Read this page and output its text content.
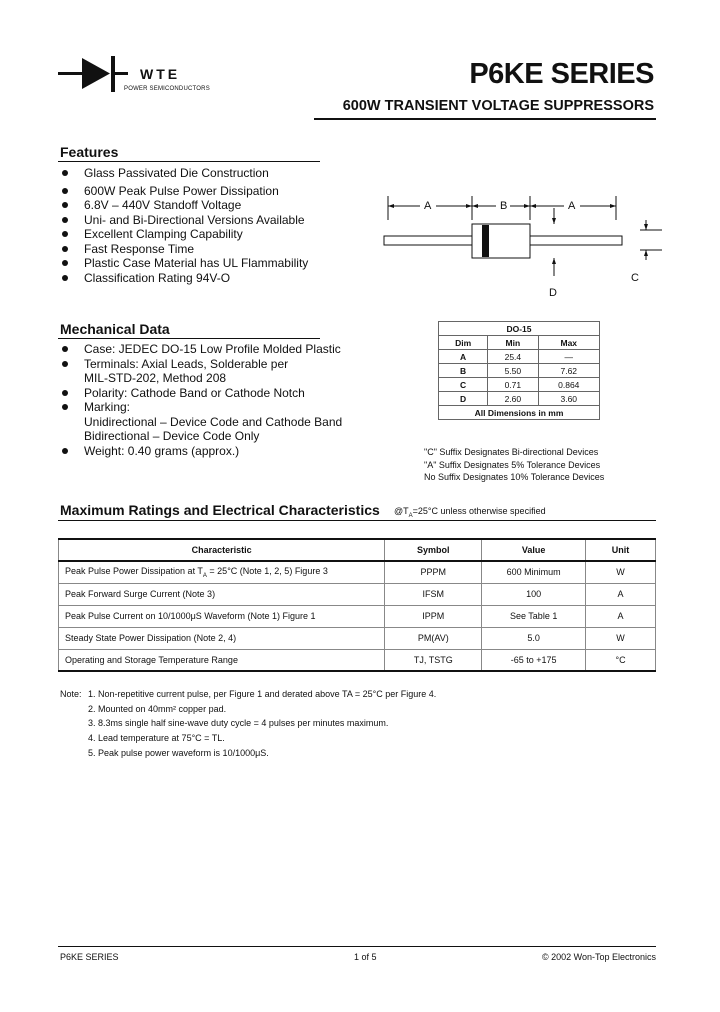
WTE
POWER SEMICONDUCTORS	P6KE SERIES
600W TRANSIENT VOLTAGE SUPPRESSORS
Features
Glass Passivated Die Construction
600W Peak Pulse Power Dissipation
6.8V – 440V Standoff Voltage
Uni- and Bi-Directional Versions Available
Excellent Clamping Capability
Fast Response Time
Plastic Case Material has UL Flammability
Classification Rating 94V-O
A	B	A
C
D
Mechanical Data
Case: JEDEC DO-15 Low Profile Molded Plastic
Terminals: Axial Leads, Solderable per
MIL-STD-202, Method 208
Polarity: Cathode Band or Cathode Notch
Marking:
Unidirectional – Device Code and Cathode Band
Bidirectional – Device Code Only
Weight: 0.40 grams (approx.)
DO-15		
Dim	Min	Max
A	25.4	—
B	5.50	7.62
C	0.71	0.864
D	2.60	3.60
All Dimensions in mm		
"C" Suffix Designates Bi-directional Devices
"A" Suffix Designates 5% Tolerance Devices
No Suffix Designates 10% Tolerance Devices
Maximum Ratings and Electrical Characteristics $@T_A=25^\circ C$ unless otherwise specified
Characteristic	Symbol	Value	Unit
Peak Pulse Power Dissipation at $T_A = 25^\circ C$ (Note 1, 2, 5) Figure 3	PPPM	600 Minimum	W
Peak Forward Surge Current (Note 3)	IFSM	100	A
Peak Pulse Current on 10/1000μS Waveform (Note 1) Figure 1	IPPM	See Table 1	A
Steady State Power Dissipation (Note 2, 4)	PM(AV)	5.0	W
Operating and Storage Temperature Range	TJ, TSTG	-65 to +175	°C
Note: 1. Non-repetitive current pulse, per Figure 1 and derated above TA = 25°C per Figure 4.
2. Mounted on 40mm² copper pad.
3. 8.3ms single half sine-wave duty cycle = 4 pulses per minutes maximum.
4. Lead temperature at 75°C = TL.
5. Peak pulse power waveform is 10/1000μS.
P6KE SERIES	1 of 5	© 2002 Won-Top Electronics
